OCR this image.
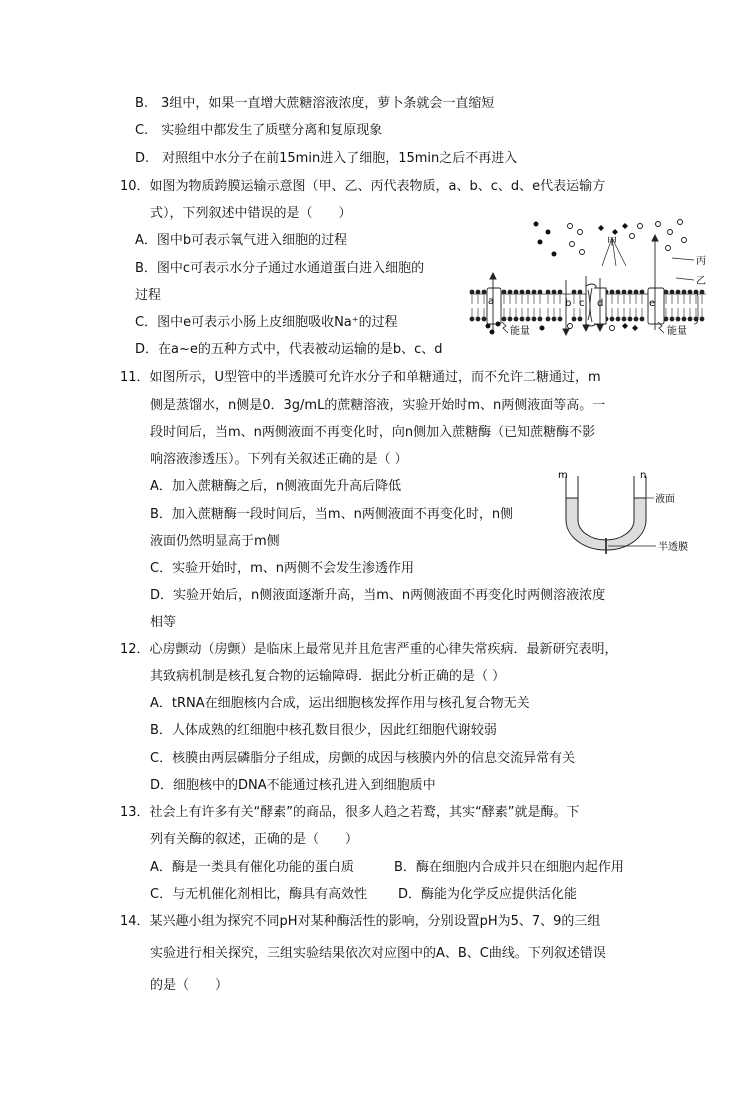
B.　3组中，如果一直增大蔗糖溶液浓度，萝卜条就会一直缩短
C.　实验组中都发生了质壁分离和复原现象
D.　对照组中水分子在前15min进入了细胞，15min之后不再进入
10．如图为物质跨膜运输示意图（甲、乙、丙代表物质，a、b、c、d、e代表运输方
式），下列叙述中错误的是（　　）
A．图中b可表示氧气进入细胞的过程
B．图中c可表示水分子通过水通道蛋白进入细胞的
过程
C．图中e可表示小肠上皮细胞吸收Na⁺的过程
D．在a~e的五种方式中，代表被动运输的是b、c、d
甲
丙
乙
a	b c d	e
能量	能量
11．如图所示，U型管中的半透膜可允许水分子和单糖通过，而不允许二糖通过，m
侧是蒸馏水，n侧是0．3g/mL的蔗糖溶液，实验开始时m、n两侧液面等高。一
段时间后，当m、n两侧液面不再变化时，向n侧加入蔗糖酶（已知蔗糖酶不影
响溶液渗透压）。下列有关叙述正确的是（ ）
A．加入蔗糖酶之后，n侧液面先升高后降低
B．加入蔗糖酶一段时间后，当m、n两侧液面不再变化时，n侧
液面仍然明显高于m侧
C．实验开始时，m、n两侧不会发生渗透作用
D．实验开始后，n侧液面逐渐升高，当m、n两侧液面不再变化时两侧溶液浓度
相等
m	n
液面
半透膜
12．心房颤动（房颤）是临床上最常见并且危害严重的心律失常疾病．最新研究表明，
其致病机制是核孔复合物的运输障碍．据此分析正确的是（ ）
A．tRNA在细胞核内合成，运出细胞核发挥作用与核孔复合物无关
B．人体成熟的红细胞中核孔数目很少，因此红细胞代谢较弱
C．核膜由两层磷脂分子组成，房颤的成因与核膜内外的信息交流异常有关
D．细胞核中的DNA不能通过核孔进入到细胞质中
13．社会上有许多有关“酵素”的商品，很多人趋之若鹜，其实“酵素”就是酶。下
列有关酶的叙述，正确的是（　　）
A．酶是一类具有催化功能的蛋白质	B．酶在细胞内合成并只在细胞内起作用
C．与无机催化剂相比，酶具有高效性 D．酶能为化学反应提供活化能
14．某兴趣小组为探究不同pH对某种酶活性的影响，分别设置pH为5、7、9的三组
实验进行相关探究，三组实验结果依次对应图中的A、B、C曲线。下列叙述错误
的是（　　）
